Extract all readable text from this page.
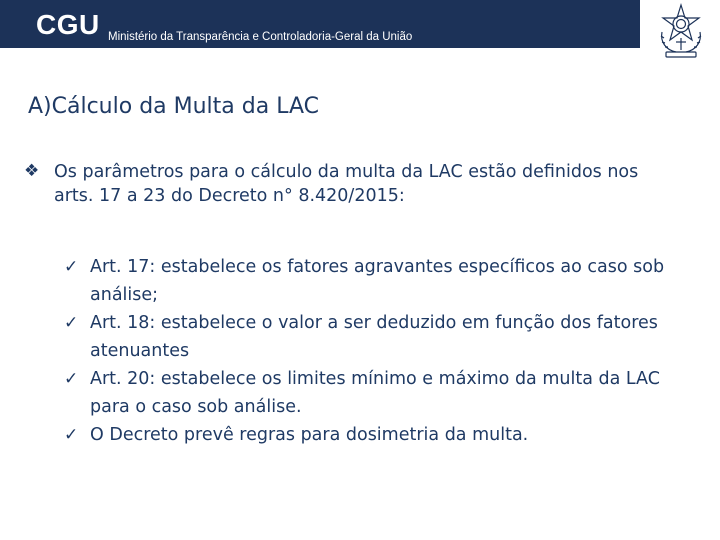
CGU Ministério da Transparência e Controladoria-Geral da União
A)Cálculo da Multa da LAC
❖ Os parâmetros para o cálculo da multa da LAC estão definidos nos arts. 17 a 23 do Decreto n° 8.420/2015:
✓ Art. 17: estabelece os fatores agravantes específicos ao caso sob análise;
✓ Art. 18: estabelece o valor a ser deduzido em função dos fatores atenuantes
✓ Art. 20: estabelece os limites mínimo e máximo da multa da LAC para o caso sob análise.
✓ O Decreto prevê regras para dosimetria da multa.
